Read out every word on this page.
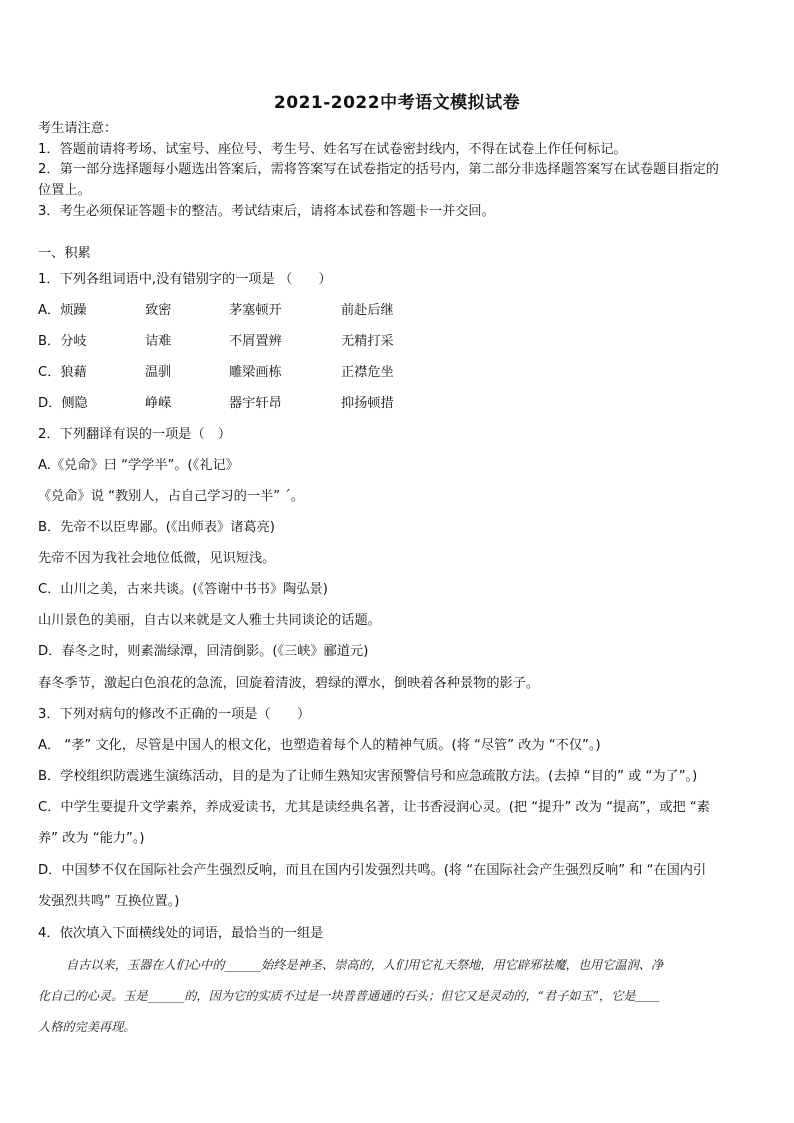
2021-2022中考语文模拟试卷
考生请注意：
1．答题前请将考场、试室号、座位号、考生号、姓名写在试卷密封线内，不得在试卷上作任何标记。
2．第一部分选择题每小题选出答案后，需将答案写在试卷指定的括号内，第二部分非选择题答案写在试卷题目指定的
位置上。
3．考生必须保证答题卡的整洁。考试结束后，请将本试卷和答题卡一并交回。
一、积累
1．下列各组词语中,没有错别字的一项是 （　　）
A．烦躁	致密	茅塞顿开	前赴后继
B．分岐	诘难	不屑置辨	无精打采
C．狼藉	温驯	雕梁画栋	正襟危坐
D．侧隐	峥嵘	器宇轩昂	抑扬顿措
2．下列翻译有误的一项是（　）
A.《兑命》曰 “学学半”。(《礼记》
《兑命》说 “教别人，占自己学习的一半” ˊ。
B．先帝不以臣卑鄙。(《出师表》诸葛亮)
先帝不因为我社会地位低微，见识短浅。
C．山川之美，古来共谈。(《答谢中书书》陶弘景)
山川景色的美丽，自古以来就是文人雅士共同谈论的话题。
D．春冬之时，则素湍绿潭，回清倒影。(《三峡》郦道元)
春冬季节，激起白色浪花的急流，回旋着清波，碧绿的潭水，倒映着各种景物的影子。
3．下列对病句的修改不正确的一项是（　　）
A． “孝” 文化，尽管是中国人的根文化，也塑造着每个人的精神气质。(将 “尽管” 改为 “不仅”。)
B．学校组织防震逃生演练活动，目的是为了让师生熟知灾害预警信号和应急疏散方法。(去掉 “目的” 或 “为了”。)
C．中学生要提升文学素养，养成爱读书，尤其是读经典名著，让书香浸润心灵。(把 “提升” 改为 “提高”，或把 “素
养” 改为 “能力”。)
D．中国梦不仅在国际社会产生强烈反响，而且在国内引发强烈共鸣。(将 “在国际社会产生强烈反响” 和 “在国内引
发强烈共鸣” 互换位置。)
4．依次填入下面横线处的词语，最恰当的一组是
自古以来，玉器在人们心中的______始终是神圣、崇高的，人们用它礼天祭地，用它辟邪祛魔，也用它温润、净
化自己的心灵。玉是______的，因为它的实质不过是一块普普通通的石头；但它又是灵动的，“君子如玉”，它是＿＿
人格的完美再现。
